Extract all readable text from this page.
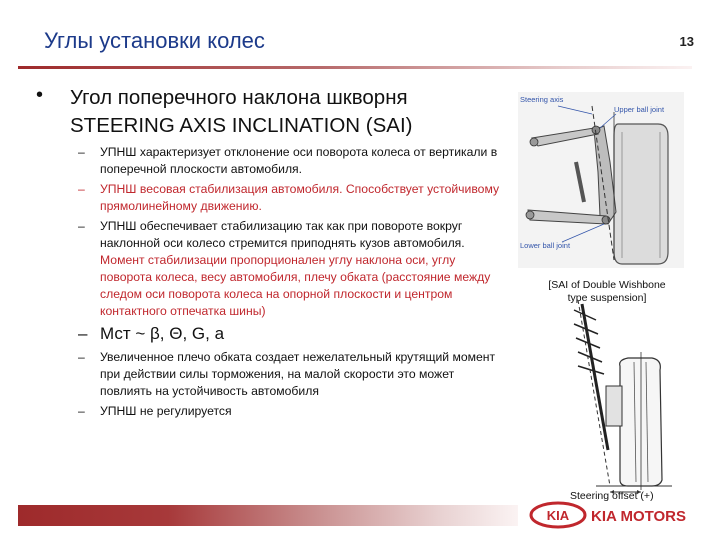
Углы установки колес	13
• Угол поперечного наклона шкворня
STEERING AXIS INCLINATION (SAI)
– УПНШ характеризует отклонение оси поворота колеса от вертикали в поперечной плоскости автомобиля.
– УПНШ весовая стабилизация автомобиля. Способствует устойчивому прямолинейному движению.
– УПНШ обеспечивает стабилизацию так как при повороте вокруг наклонной оси колесо стремится приподнять кузов автомобиля. Момент стабилизации пропорционален углу наклона оси, углу поворота колеса, весу автомобиля, плечу обката (расстояние между следом оси поворота колеса на опорной плоскости и центром контактного отпечатка шины)
– Мст ~ β, Θ, G, a
– Увеличенное плечо обката создает нежелательный крутящий момент при действии силы торможения, на малой скорости это может повлиять на устойчивость автомобиля
– УПНШ не регулируется
Steering axis
Upper ball joint
Lower ball joint
[SAI of Double Wishbone
type suspension]
Steering offset (+)
KIA KIA MOTORS
